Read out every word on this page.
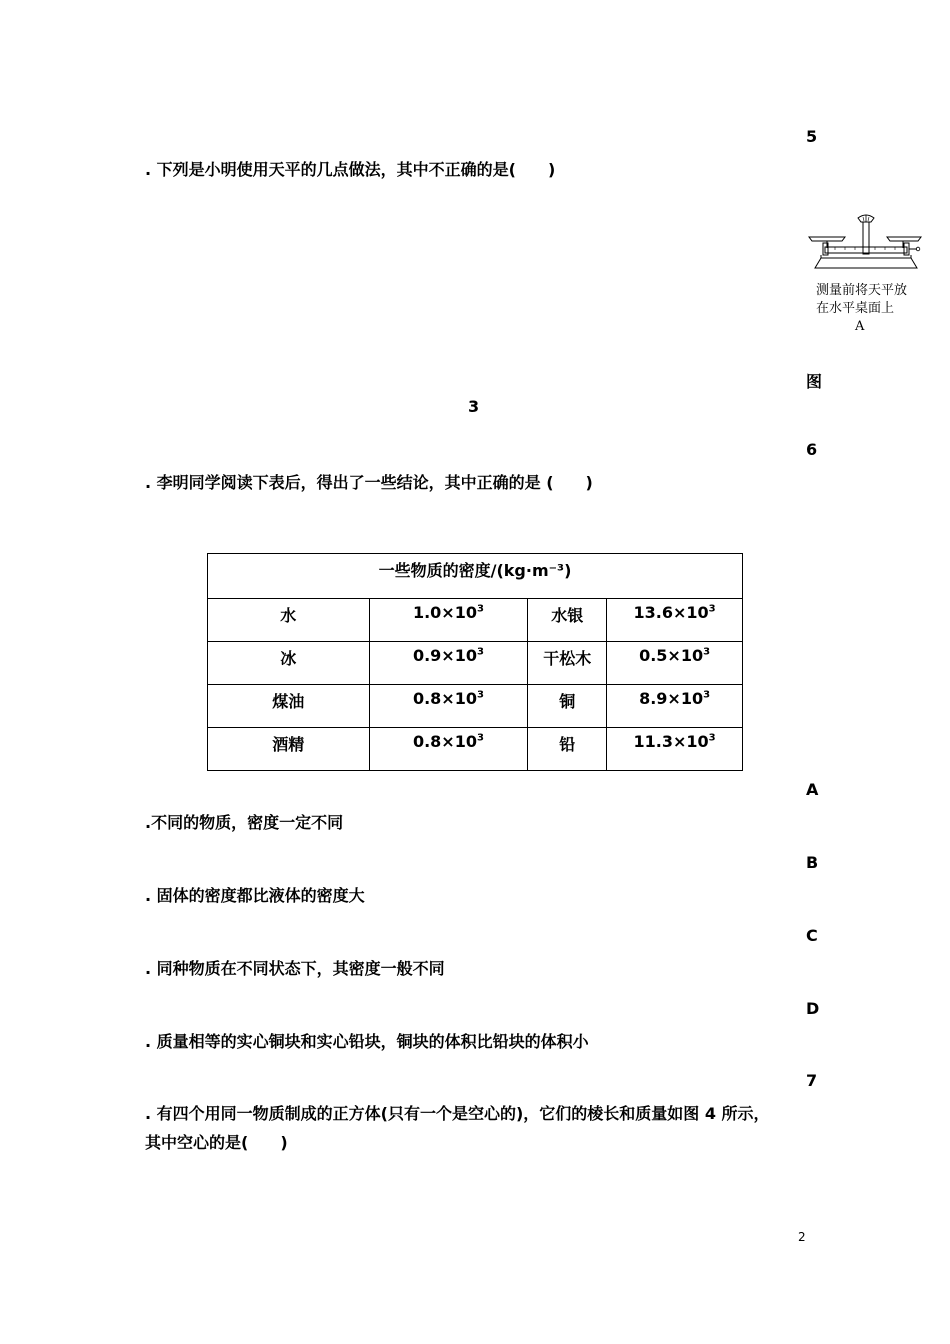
5
. 下列是小明使用天平的几点做法，其中不正确的是(　　)
测量前将天平放
在水平桌面上
A
图
3
6
. 李明同学阅读下表后，得出了一些结论，其中正确的是 (　　)
一些物质的密度/(kg·m⁻³)			
水	$1.0\times 10^3$	水银	$13.6\times 10^3$
冰	$0.9\times 10^3$	干松木	$0.5\times 10^3$
煤油	$0.8\times 10^3$	铜	$8.9\times 10^3$
酒精	$0.8\times 10^3$	铅	$11.3\times 10^3$
A
.不同的物质，密度一定不同
B
. 固体的密度都比液体的密度大
C
. 同种物质在不同状态下，其密度一般不同
D
. 质量相等的实心铜块和实心铅块，铜块的体积比铅块的体积小
7
. 有四个用同一物质制成的正方体(只有一个是空心的)，它们的棱长和质量如图 4 所示，
其中空心的是(　　)
2
